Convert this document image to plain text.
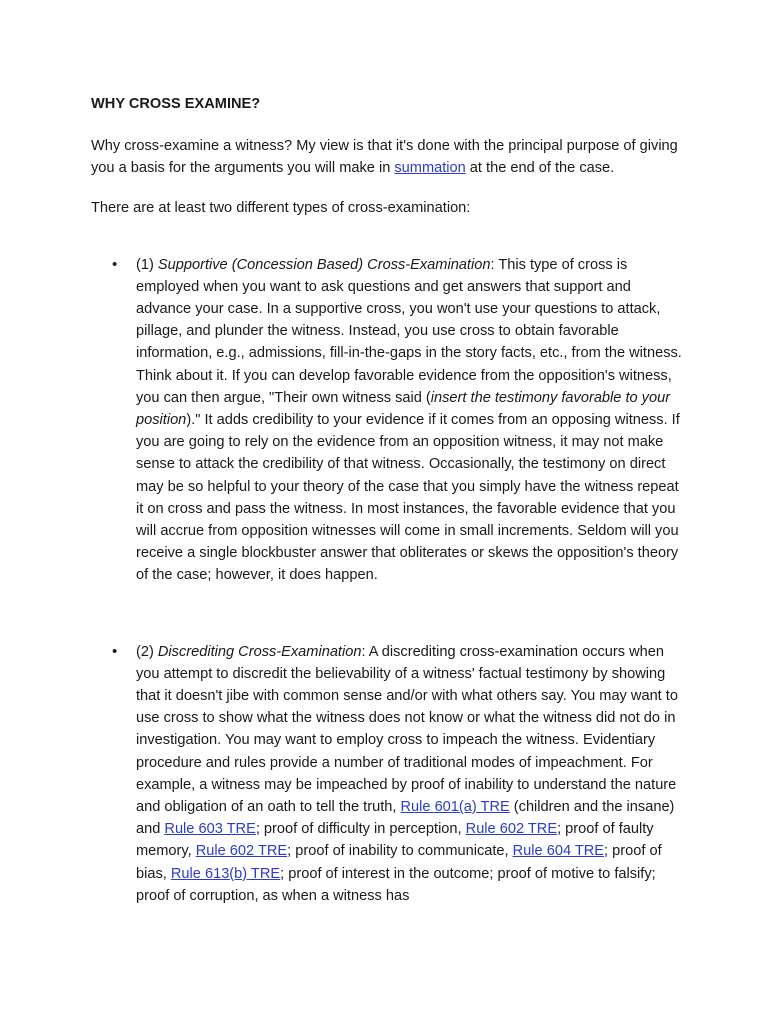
WHY CROSS EXAMINE?

Why cross-examine a witness? My view is that it's done with the principal purpose of giving you a basis for the arguments you will make in summation at the end of the case.

There are at least two different types of cross-examination:

• (1) Supportive (Concession Based) Cross-Examination: This type of cross is employed when you want to ask questions and get answers that support and advance your case. In a supportive cross, you won't use your questions to attack, pillage, and plunder the witness. Instead, you use cross to obtain favorable information, e.g., admissions, fill-in-the-gaps in the story facts, etc., from the witness. Think about it. If you can develop favorable evidence from the opposition's witness, you can then argue, "Their own witness said (insert the testimony favorable to your position)." It adds credibility to your evidence if it comes from an opposing witness. If you are going to rely on the evidence from an opposition witness, it may not make sense to attack the credibility of that witness. Occasionally, the testimony on direct may be so helpful to your theory of the case that you simply have the witness repeat it on cross and pass the witness. In most instances, the favorable evidence that you will accrue from opposition witnesses will come in small increments. Seldom will you receive a single blockbuster answer that obliterates or skews the opposition's theory of the case; however, it does happen.
• (2) Discrediting Cross-Examination: A discrediting cross-examination occurs when you attempt to discredit the believability of a witness' factual testimony by showing that it doesn't jibe with common sense and/or with what others say. You may want to use cross to show what the witness does not know or what the witness did not do in investigation. You may want to employ cross to impeach the witness. Evidentiary procedure and rules provide a number of traditional modes of impeachment. For example, a witness may be impeached by proof of inability to understand the nature and obligation of an oath to tell the truth, Rule 601(a) TRE (children and the insane) and Rule 603 TRE; proof of difficulty in perception, Rule 602 TRE; proof of faulty memory, Rule 602 TRE; proof of inability to communicate, Rule 604 TRE; proof of bias, Rule 613(b) TRE; proof of interest in the outcome; proof of motive to falsify; proof of corruption, as when a witness has
